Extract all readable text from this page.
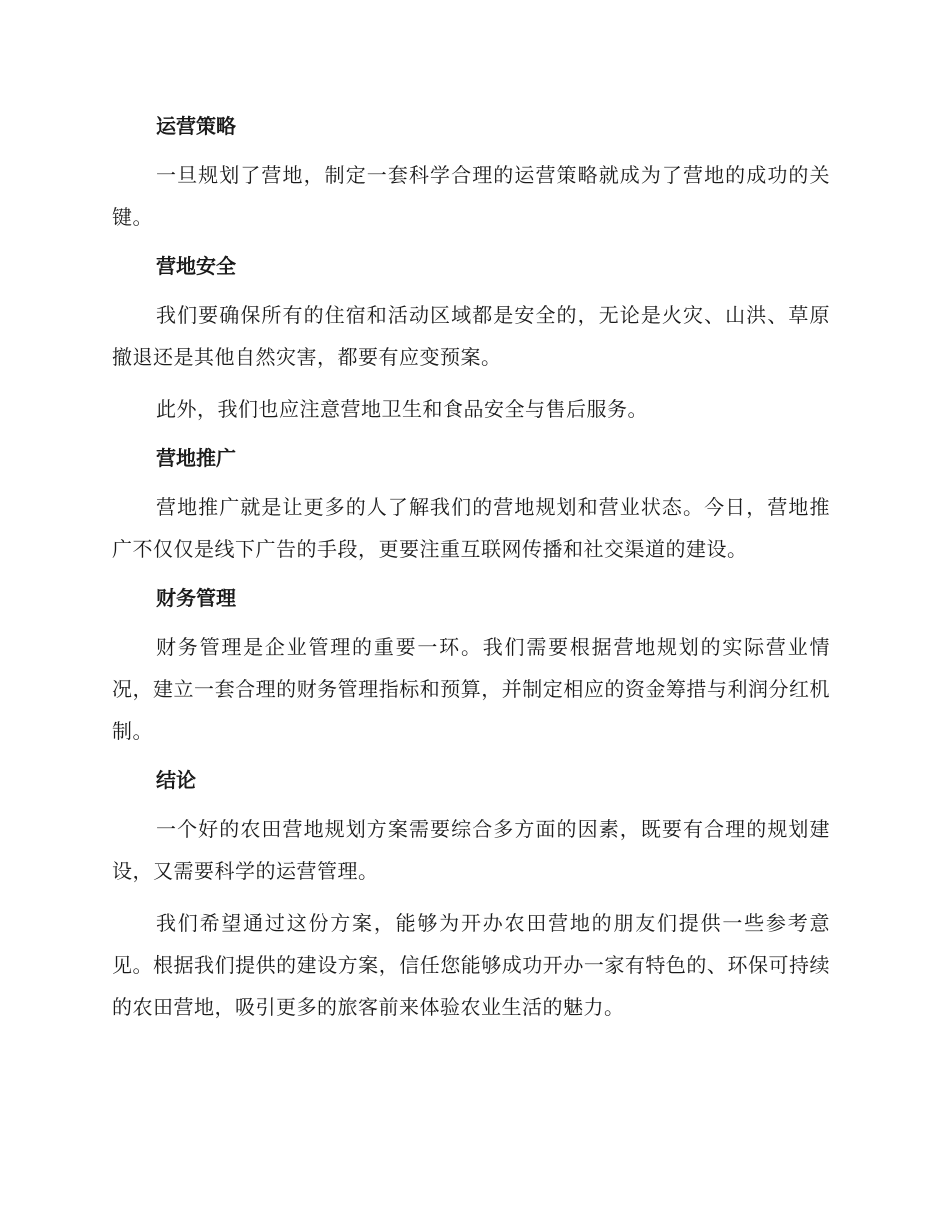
运营策略

一旦规划了营地，制定一套科学合理的运营策略就成为了营地的成功的关键。

营地安全

我们要确保所有的住宿和活动区域都是安全的，无论是火灾、山洪、草原撤退还是其他自然灾害，都要有应变预案。

此外，我们也应注意营地卫生和食品安全与售后服务。

营地推广

营地推广就是让更多的人了解我们的营地规划和营业状态。今日，营地推广不仅仅是线下广告的手段，更要注重互联网传播和社交渠道的建设。

财务管理

财务管理是企业管理的重要一环。我们需要根据营地规划的实际营业情况，建立一套合理的财务管理指标和预算，并制定相应的资金筹措与利润分红机制。

结论

一个好的农田营地规划方案需要综合多方面的因素，既要有合理的规划建设，又需要科学的运营管理。

我们希望通过这份方案，能够为开办农田营地的朋友们提供一些参考意见。根据我们提供的建设方案，信任您能够成功开办一家有特色的、环保可持续的农田营地，吸引更多的旅客前来体验农业生活的魅力。
